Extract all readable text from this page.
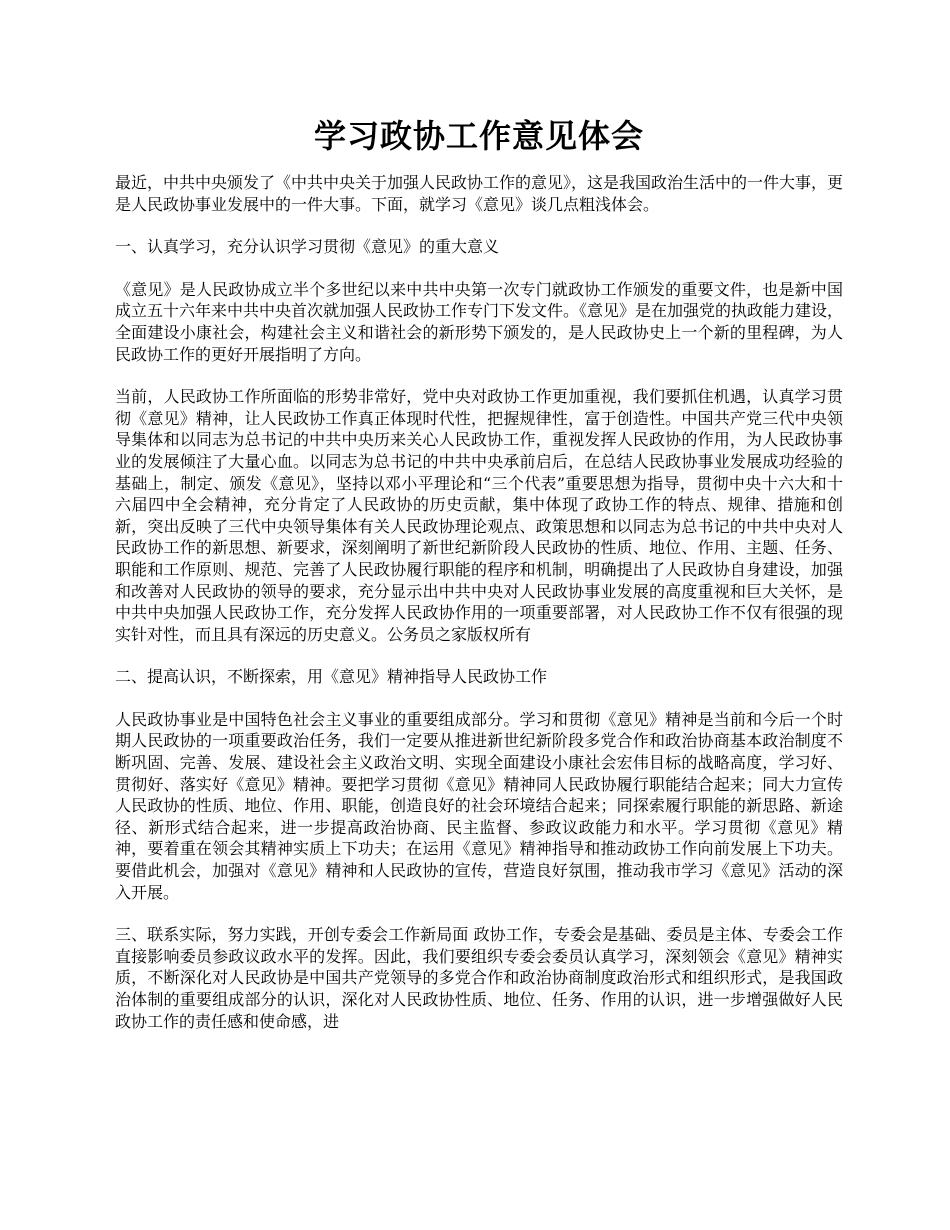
学习政协工作意见体会

最近，中共中央颁发了《中共中央关于加强人民政协工作的意见》，这是我国政治生活中的一件大事，更是人民政协事业发展中的一件大事。下面，就学习《意见》谈几点粗浅体会。

一、认真学习，充分认识学习贯彻《意见》的重大意义

《意见》是人民政协成立半个多世纪以来中共中央第一次专门就政协工作颁发的重要文件，也是新中国成立五十六年来中共中央首次就加强人民政协工作专门下发文件。《意见》是在加强党的执政能力建设，全面建设小康社会，构建社会主义和谐社会的新形势下颁发的，是人民政协史上一个新的里程碑，为人民政协工作的更好开展指明了方向。

当前，人民政协工作所面临的形势非常好，党中央对政协工作更加重视，我们要抓住机遇，认真学习贯彻《意见》精神，让人民政协工作真正体现时代性，把握规律性，富于创造性。中国共产党三代中央领导集体和以同志为总书记的中共中央历来关心人民政协工作，重视发挥人民政协的作用，为人民政协事业的发展倾注了大量心血。以同志为总书记的中共中央承前启后，在总结人民政协事业发展成功经验的基础上，制定、颁发《意见》，坚持以邓小平理论和“三个代表”重要思想为指导，贯彻中央十六大和十六届四中全会精神，充分肯定了人民政协的历史贡献，集中体现了政协工作的特点、规律、措施和创新，突出反映了三代中央领导集体有关人民政协理论观点、政策思想和以同志为总书记的中共中央对人民政协工作的新思想、新要求，深刻阐明了新世纪新阶段人民政协的性质、地位、作用、主题、任务、职能和工作原则、规范、完善了人民政协履行职能的程序和机制，明确提出了人民政协自身建设，加强和改善对人民政协的领导的要求，充分显示出中共中央对人民政协事业发展的高度重视和巨大关怀，是中共中央加强人民政协工作，充分发挥人民政协作用的一项重要部署，对人民政协工作不仅有很强的现实针对性，而且具有深远的历史意义。公务员之家版权所有

二、提高认识，不断探索，用《意见》精神指导人民政协工作

人民政协事业是中国特色社会主义事业的重要组成部分。学习和贯彻《意见》精神是当前和今后一个时期人民政协的一项重要政治任务，我们一定要从推进新世纪新阶段多党合作和政治协商基本政治制度不断巩固、完善、发展、建设社会主义政治文明、实现全面建设小康社会宏伟目标的战略高度，学习好、贯彻好、落实好《意见》精神。要把学习贯彻《意见》精神同人民政协履行职能结合起来；同大力宣传人民政协的性质、地位、作用、职能，创造良好的社会环境结合起来；同探索履行职能的新思路、新途径、新形式结合起来，进一步提高政治协商、民主监督、参政议政能力和水平。学习贯彻《意见》精神，要着重在领会其精神实质上下功夫；在运用《意见》精神指导和推动政协工作向前发展上下功夫。要借此机会，加强对《意见》精神和人民政协的宣传，营造良好氛围，推动我市学习《意见》活动的深入开展。

三、联系实际，努力实践，开创专委会工作新局面 政协工作，专委会是基础、委员是主体、专委会工作直接影响委员参政议政水平的发挥。因此，我们要组织专委会委员认真学习，深刻领会《意见》精神实质，不断深化对人民政协是中国共产党领导的多党合作和政治协商制度政治形式和组织形式，是我国政治体制的重要组成部分的认识，深化对人民政协性质、地位、任务、作用的认识，进一步增强做好人民政协工作的责任感和使命感，进
